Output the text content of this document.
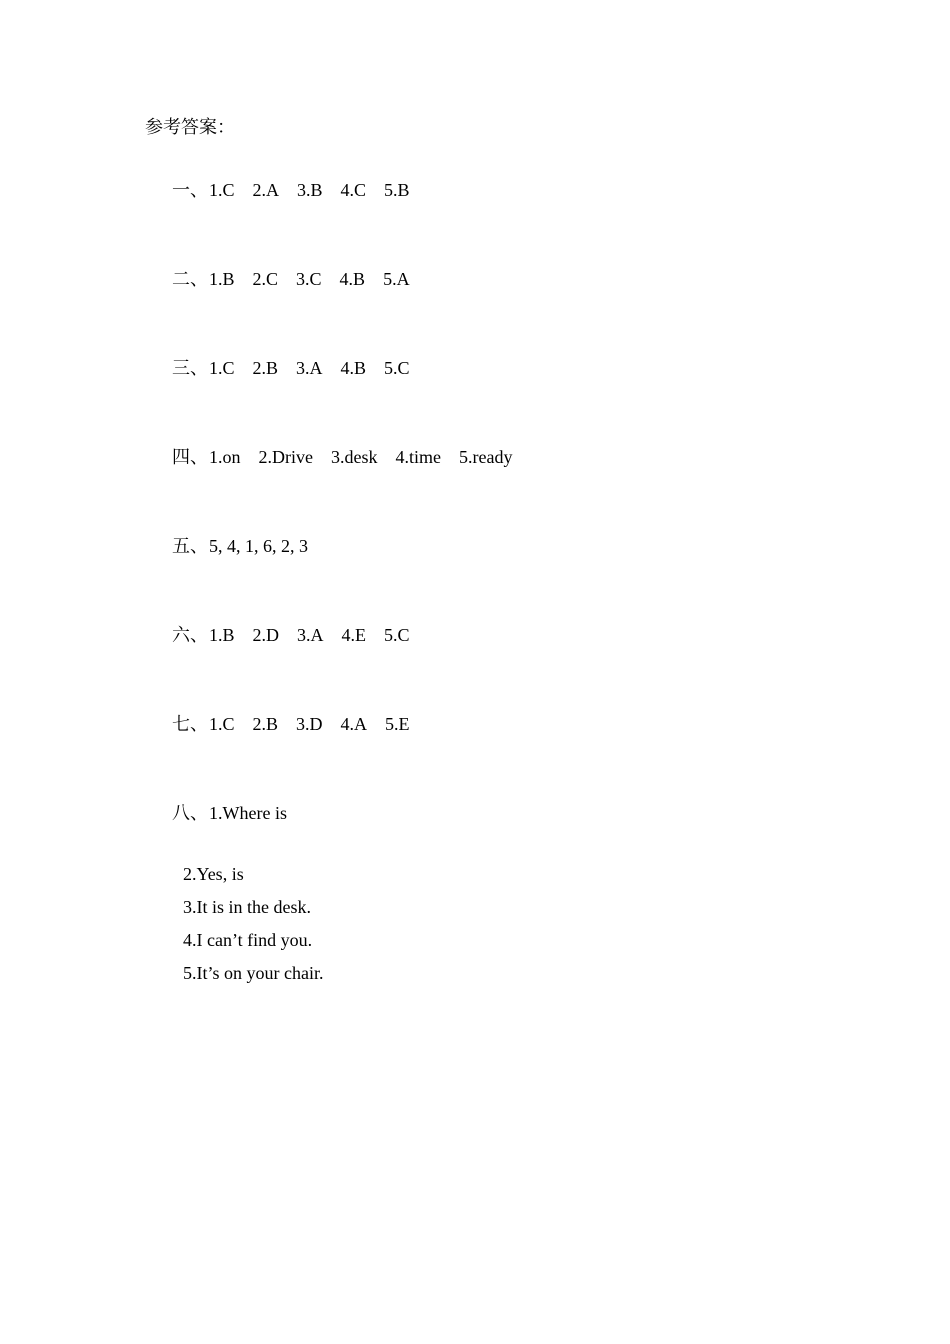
参考答案：

一、1.C 2.A 3.B 4.C 5.B

二、1.B 2.C 3.C 4.B 5.A

三、1.C 2.B 3.A 4.B 5.C

四、1.on 2.Drive 3.desk 4.time 5.ready

五、5, 4, 1, 6, 2, 3

六、1.B 2.D 3.A 4.E 5.C

七、1.C 2.B 3.D 4.A 5.E

八、1.Where is

2.Yes, is
3.It is in the desk.
4.I can’t find you.
5.It’s on your chair.
